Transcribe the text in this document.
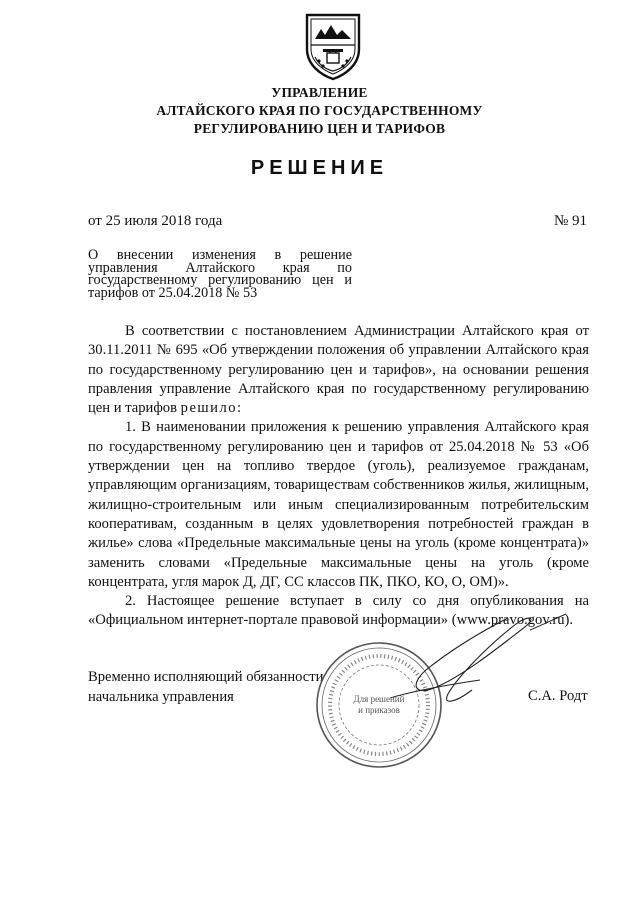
УПРАВЛЕНИЕ
АЛТАЙСКОГО КРАЯ ПО ГОСУДАРСТВЕННОМУ
РЕГУЛИРОВАНИЮ ЦЕН И ТАРИФОВ
РЕШЕНИЕ
от 25 июля 2018 года	№ 91
О внесении изменения в решение управления Алтайского края по государственному регулированию цен и тарифов от 25.04.2018 № 53

В соответствии с постановлением Администрации Алтайского края от 30.11.2011 № 695 «Об утверждении положения об управлении Алтайского края по государственному регулированию цен и тарифов», на основании решения правления управление Алтайского края по государственному регулированию цен и тарифов решило:

1. В наименовании приложения к решению управления Алтайского края по государственному регулированию цен и тарифов от 25.04.2018 № 53 «Об утверждении цен на топливо твердое (уголь), реализуемое гражданам, управляющим организациям, товариществам собственников жилья, жилищным, жилищно-строительным или иным специализированным потребительским кооперативам, созданным в целях удовлетворения потребностей граждан в жилье» слова «Предельные максимальные цены на уголь (кроме концентрата)» заменить словами «Предельные максимальные цены на уголь (кроме концентрата, угля марок Д, ДГ, СС классов ПК, ПКО, КО, О, ОМ)».

2. Настоящее решение вступает в силу со дня опубликования на «Официальном интернет-портале правовой информации» (www.pravo.gov.ru).

Временно исполняющий обязанности
начальника управления	Для решений
и приказов
С.А. Родт
